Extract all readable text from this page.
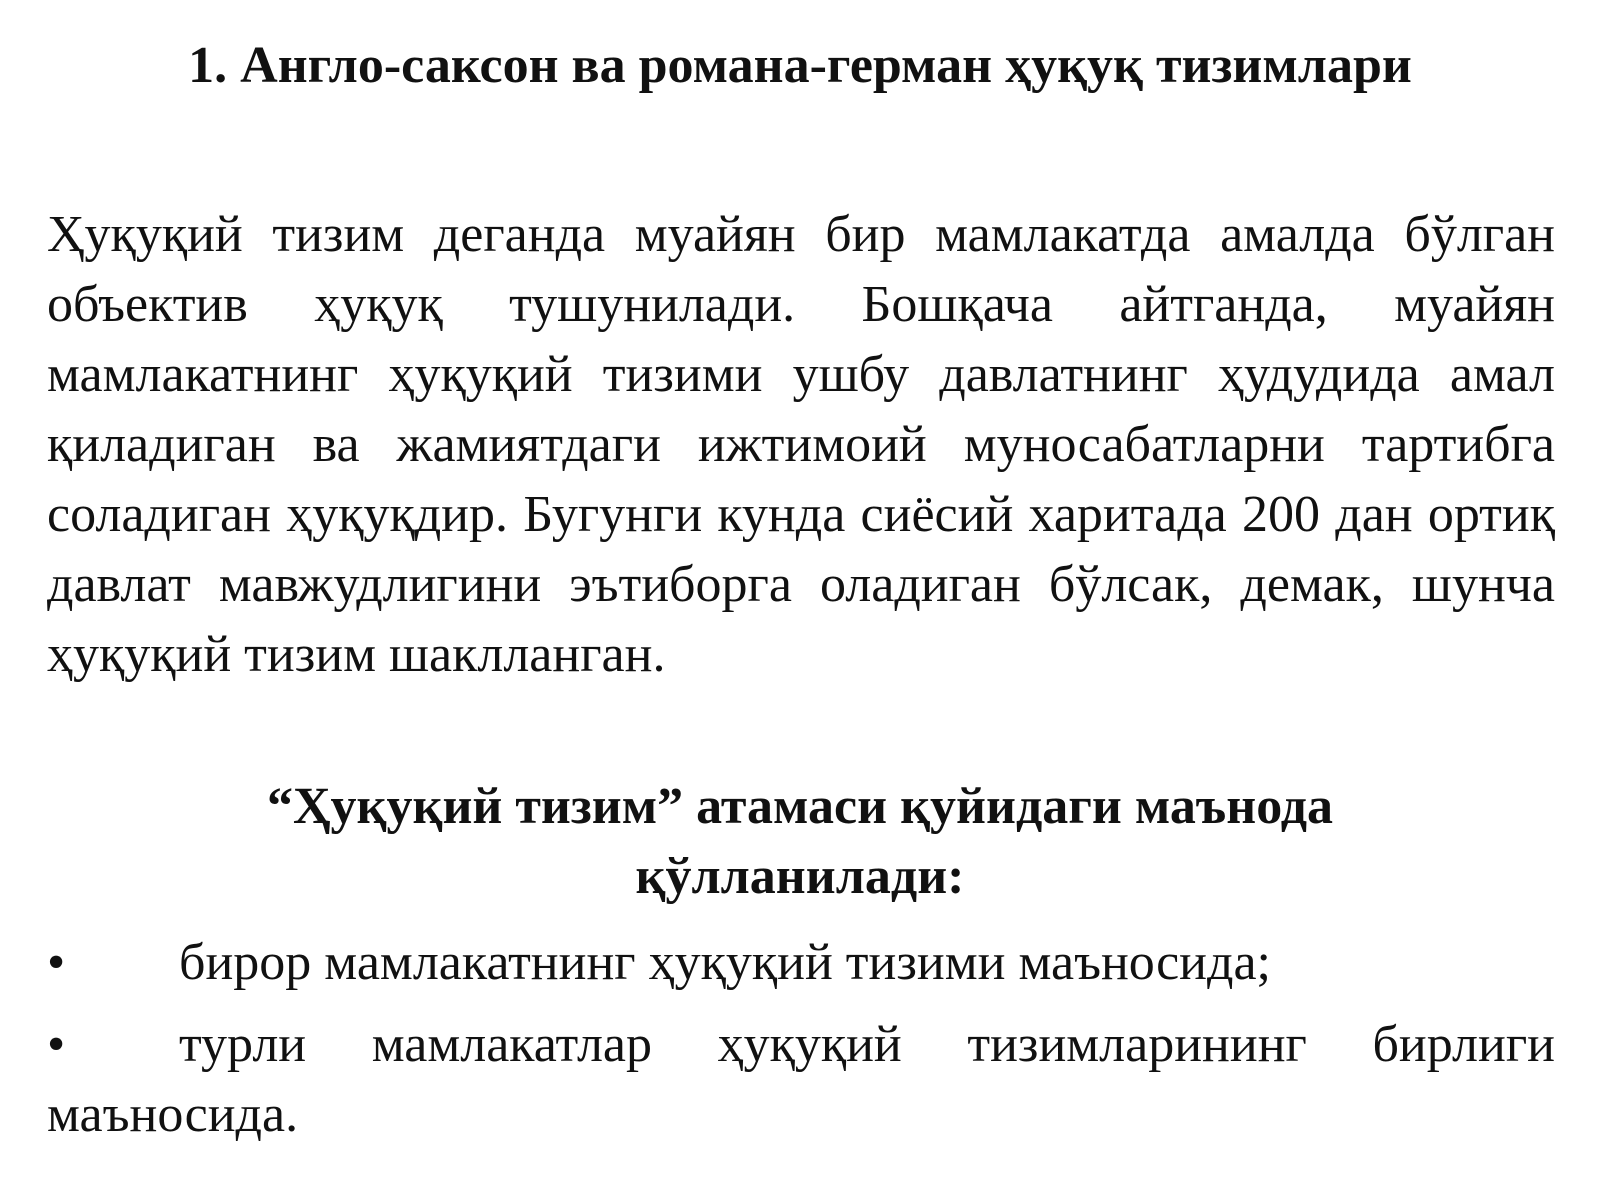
1. Англо-саксон ва романа-герман ҳуқуқ тизимлари

Ҳуқуқий тизим деганда муайян бир мамлакатда амалда бўлган объектив ҳуқуқ тушунилади. Бошқача айтганда, муайян мамлакатнинг ҳуқуқий тизими ушбу давлатнинг ҳудудида амал қиладиган ва жамиятдаги ижтимоий муносабатларни тартибга соладиган ҳуқуқдир. Бугунги кунда сиёсий харитада 200 дан ортиқ давлат мавжудлигини эътиборга оладиган бўлсак, демак, шунча ҳуқуқий тизим шаклланган.

“Ҳуқуқий тизим” атамаси қуйидаги маънода қўлланилади:
• бирор мамлакатнинг ҳуқуқий тизими маъносида;
• турли мамлакатлар ҳуқуқий тизимларининг бирлиги маъносида.
